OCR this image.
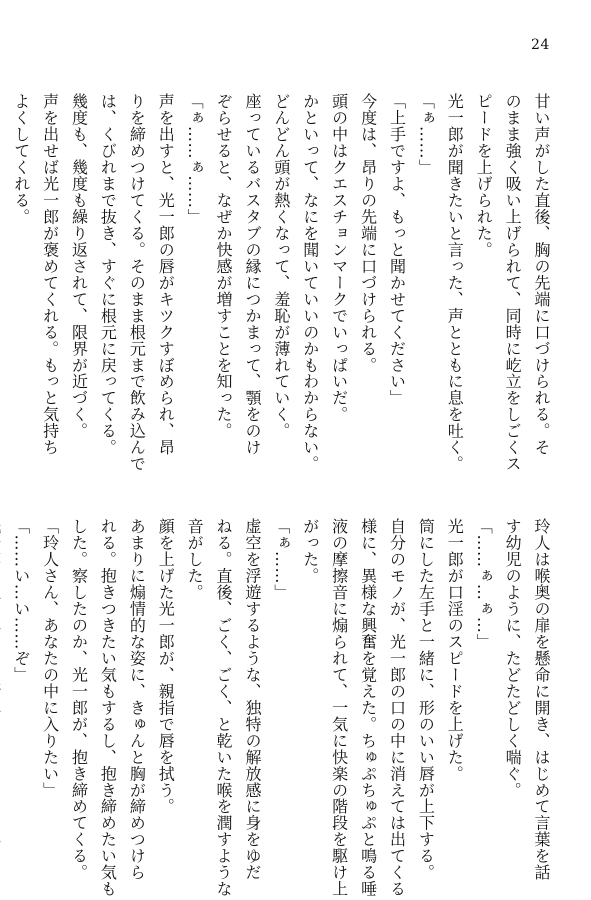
24
甘い声がした直後、胸の先端に口づけられる。そ
のまま強く吸い上げられて、同時に屹立をしごくス
ピードを上げられた。
光一郎が聞きたいと言った、声とともに息を吐く。
「ぁ……」
「上手ですよ、もっと聞かせてください」
今度は、昂りの先端に口づけられる。
頭の中はクエスチョンマークでいっぱいだ。
かといって、なにを聞いていいのかもわからない。
どんどん頭が熱くなって、羞恥が薄れていく。
座っているバスタブの縁につかまって、顎をのけ
ぞらせると、なぜか快感が増すことを知った。
「ぁ……ぁ……」
声を出すと、光一郎の唇がキツクすぼめられ、昂
りを締めつけてくる。そのまま根元まで飲み込んで
は、くびれまで抜き、すぐに根元に戻ってくる。
幾度も、幾度も繰り返されて、限界が近づく。
声を出せば光一郎が褒めてくれる。もっと気持ち
よくしてくれる。
玲人は喉奥の扉を懸命に開き、はじめて言葉を話
す幼児のように、たどたどしく喘ぐ。
「……ぁ…ぁ…」
光一郎が口淫のスピードを上げた。
筒にした左手と一緒に、形のいい唇が上下する。
自分のモノが、光一郎の口の中に消えては出てくる
様に、異様な興奮を覚えた。ちゅぷちゅぷと鳴る唾
液の摩擦音に煽られて、一気に快楽の階段を駆け上
がった。
「ぁ……」
虚空を浮遊するような、独特の解放感に身をゆだ
ねる。直後、ごく、ごく、と乾いた喉を潤すような
音がした。
顔を上げた光一郎が、親指で唇を拭う。
あまりに煽情的な姿に、きゅんと胸が締めつけら
れる。抱きつきたい気もするし、抱き締めたい気も
した。察したのか、光一郎が、抱き締めてくる。
「玲人さん、あなたの中に入りたい」
「……い…い……ぞ」
